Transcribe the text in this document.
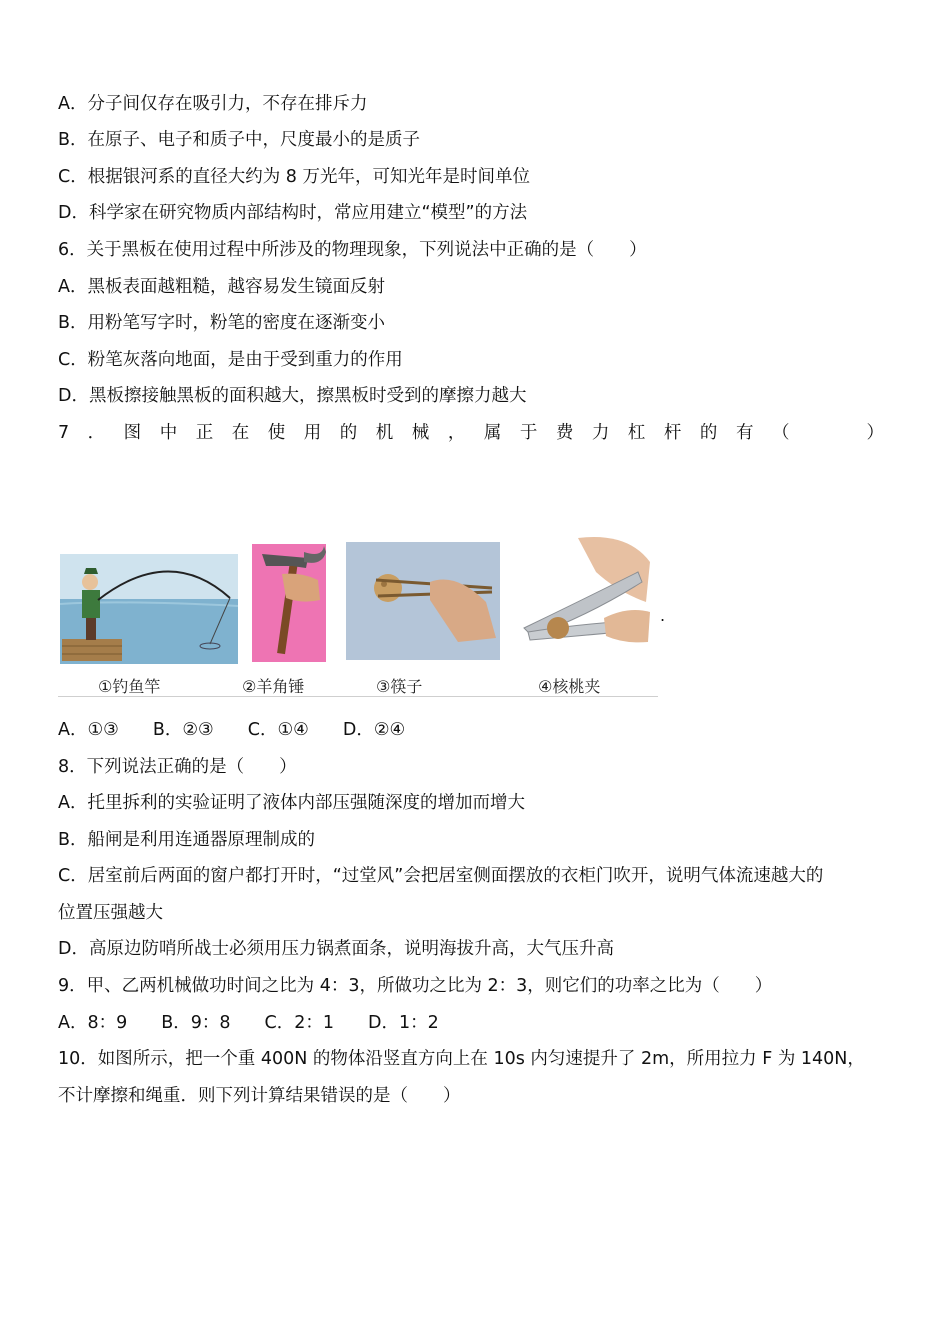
A．分子间仅存在吸引力，不存在排斥力
B．在原子、电子和质子中，尺度最小的是质子
C．根据银河系的直径大约为 8 万光年，可知光年是时间单位
D．科学家在研究物质内部结构时，常应用建立“模型”的方法
6．关于黑板在使用过程中所涉及的物理现象，下列说法中正确的是（　　）
A．黑板表面越粗糙，越容易发生镜面反射
B．用粉笔写字时，粉笔的密度在逐渐变小
C．粉笔灰落向地面，是由于受到重力的作用
D．黑板擦接触黑板的面积越大，擦黑板时受到的摩擦力越大
7 ． 图 中 正 在 使 用 的 机 械 ， 属 于 费 力 杠 杆 的 有 （	）
①钓鱼竿	②羊角锤	③筷子	④核桃夹
.
A．①③ B．②③ C．①④ D．②④
8．下列说法正确的是（　　）
A．托里拆利的实验证明了液体内部压强随深度的增加而增大
B．船闸是利用连通器原理制成的
C．居室前后两面的窗户都打开时，“过堂风”会把居室侧面摆放的衣柜门吹开，说明气体流速越大的
位置压强越大
D．高原边防哨所战士必须用压力锅煮面条，说明海拔升高，大气压升高
9．甲、乙两机械做功时间之比为 4：3，所做功之比为 2：3，则它们的功率之比为（　　）
A．8：9 B．9：8 C．2：1 D．1：2
10．如图所示，把一个重 400N 的物体沿竖直方向上在 10s 内匀速提升了 2m，所用拉力 F 为 140N，
不计摩擦和绳重．则下列计算结果错误的是（　　）
